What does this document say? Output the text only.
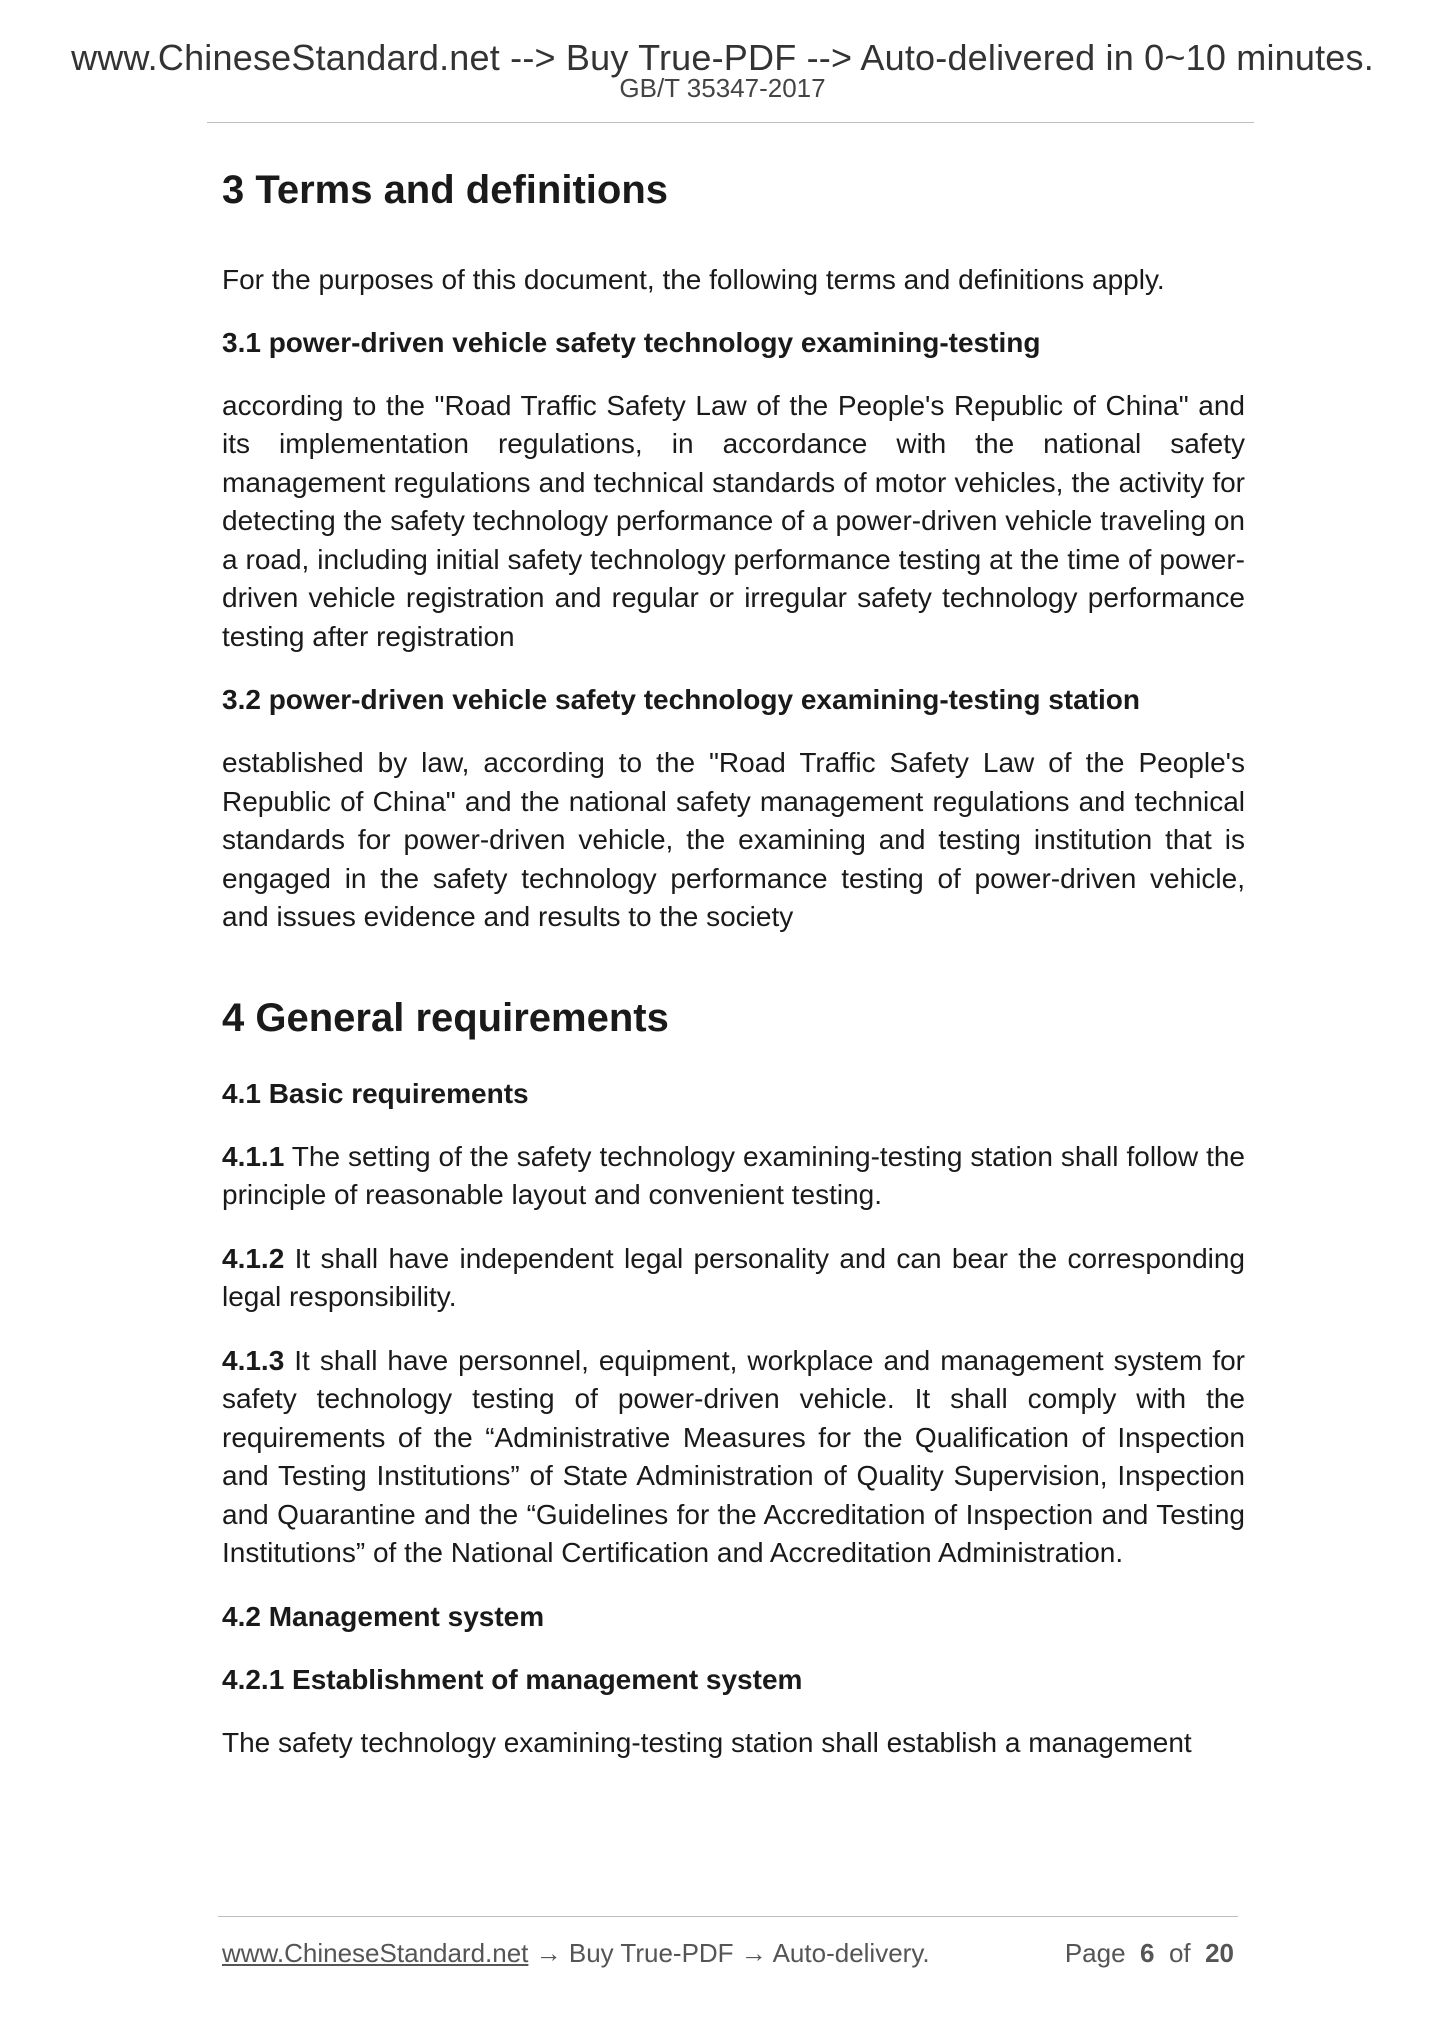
www.ChineseStandard.net --> Buy True-PDF --> Auto-delivered in 0~10 minutes.
GB/T 35347-2017
3 Terms and definitions

For the purposes of this document, the following terms and definitions apply.

3.1 power-driven vehicle safety technology examining-testing

according to the "Road Traffic Safety Law of the People's Republic of China" and its implementation regulations, in accordance with the national safety management regulations and technical standards of motor vehicles, the activity for detecting the safety technology performance of a power-driven vehicle traveling on a road, including initial safety technology performance testing at the time of power-driven vehicle registration and regular or irregular safety technology performance testing after registration

3.2 power-driven vehicle safety technology examining-testing station

established by law, according to the "Road Traffic Safety Law of the People's Republic of China" and the national safety management regulations and technical standards for power-driven vehicle, the examining and testing institution that is engaged in the safety technology performance testing of power-driven vehicle, and issues evidence and results to the society

4 General requirements
4.1 Basic requirements

4.1.1 The setting of the safety technology examining-testing station shall follow the principle of reasonable layout and convenient testing.

4.1.2 It shall have independent legal personality and can bear the corresponding legal responsibility.

4.1.3 It shall have personnel, equipment, workplace and management system for safety technology testing of power-driven vehicle. It shall comply with the requirements of the “Administrative Measures for the Qualification of Inspection and Testing Institutions” of State Administration of Quality Supervision, Inspection and Quarantine and the “Guidelines for the Accreditation of Inspection and Testing Institutions” of the National Certification and Accreditation Administration.

4.2 Management system
4.2.1 Establishment of management system

The safety technology examining-testing station shall establish a management

www.ChineseStandard.net → Buy True-PDF → Auto-delivery.	Page 6 of 20
